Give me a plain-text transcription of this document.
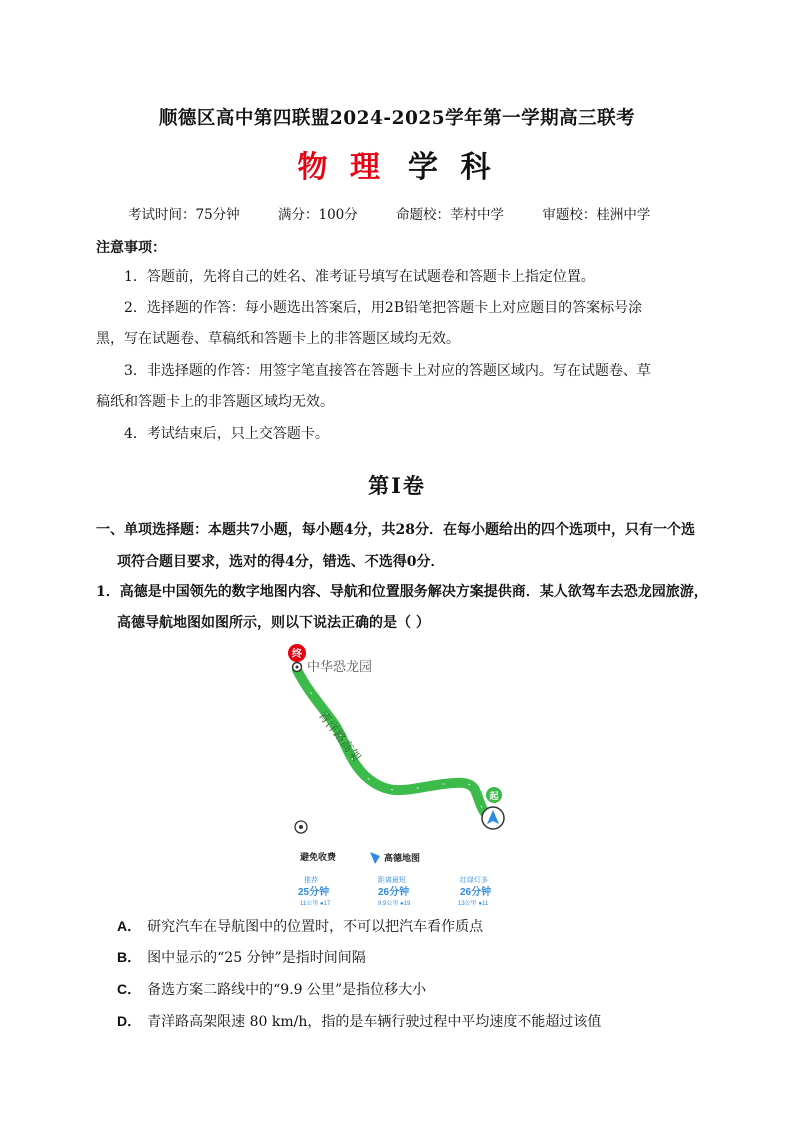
顺德区高中第四联盟2024-2025学年第一学期高三联考
物 理 学 科
考试时间：75分钟	满分：100分	命题校：莘村中学	审题校：桂洲中学
注意事项：
1．答题前，先将自己的姓名、准考证号填写在试题卷和答题卡上指定位置。
2．选择题的作答：每小题选出答案后，用2B铅笔把答题卡上对应题目的答案标号涂
黑，写在试题卷、草稿纸和答题卡上的非答题区域均无效。
3．非选择题的作答：用签字笔直接答在答题卡上对应的答题区域内。写在试题卷、草
稿纸和答题卡上的非答题区域均无效。
4．考试结束后，只上交答题卡。
第Ⅰ卷
一、单项选择题：本题共7小题，每小题4分，共28分．在每小题给出的四个选项中，只有一个选
项符合题目要求，选对的得4分，错选、不选得0分．
1．高德是中国领先的数字地图内容、导航和位置服务解决方案提供商．某人欲驾车去恐龙园旅游，
高德导航地图如图所示，则以下说法正确的是（ ）
青洋路高架
终
中华恐龙园
起
避免收费	高德地图
推荐
25分钟
11公里 ●17
距离最短
26分钟
9.9公里 ●19
红绿灯多
26分钟
13公里 ●11
A． 研究汽车在导航图中的位置时，不可以把汽车看作质点
B． 图中显示的“25 分钟”是指时间间隔
C． 备选方案二路线中的“9.9 公里”是指位移大小
D． 青洋路高架限速 80 km/h，指的是车辆行驶过程中平均速度不能超过该值
